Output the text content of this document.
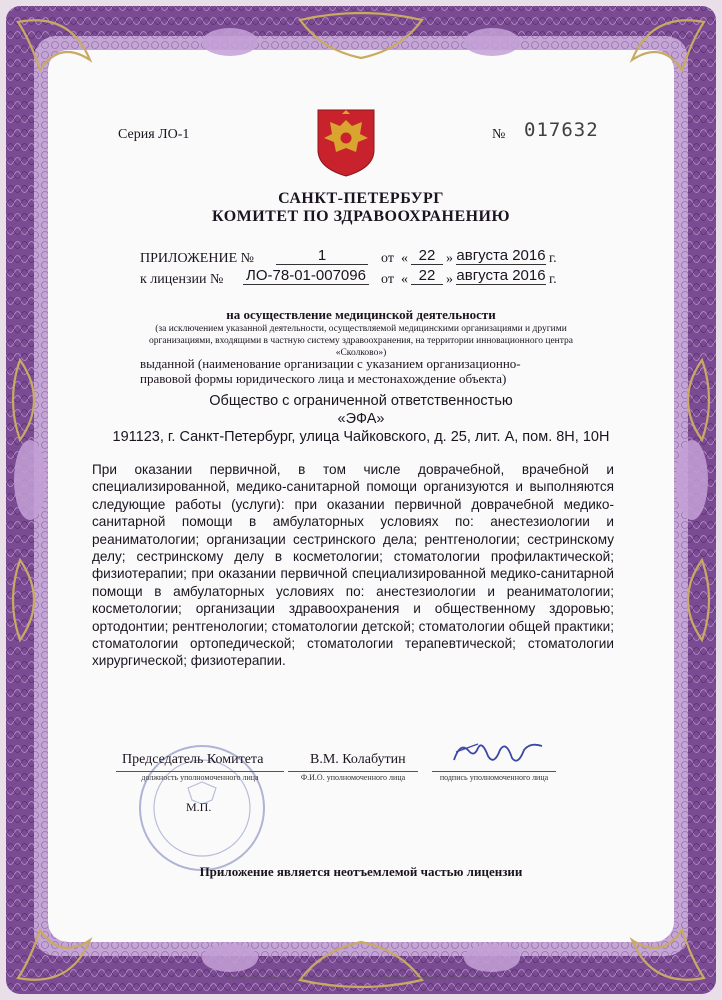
Серия ЛО-1	№ 017632
САНКТ-ПЕТЕРБУРГ
КОМИТЕТ ПО ЗДРАВООХРАНЕНИЮ
ПРИЛОЖЕНИЕ №	1	от « 22 » августа 2016 г.
к лицензии № ЛО-78-01-007096 от « 22 » августа 2016 г.
на осуществление медицинской деятельности
(за исключением указанной деятельности, осуществляемой медицинскими организациями и другими
организациями, входящими в частную систему здравоохранения, на территории инновационного центра
«Сколково»)
выданной (наименование организации с указанием организационно-
правовой формы юридического лица и местонахождение объекта)
Общество с ограниченной ответственностью
«ЭФА»
191123, г. Санкт-Петербург, улица Чайковского, д. 25, лит. А, пом. 8Н, 10Н
При оказании первичной, в том числе доврачебной, врачебной и специализированной, медико-санитарной помощи организуются и выполняются следующие работы (услуги): при оказании первичной доврачебной медико-санитарной помощи в амбулаторных условиях по: анестезиологии и реаниматологии; организации сестринского дела; рентгенологии; сестринскому делу; сестринскому делу в косметологии; стоматологии профилактической; физиотерапии; при оказании первичной специализированной медико-санитарной помощи в амбулаторных условиях по: анестезиологии и реаниматологии; косметологии; организации здравоохранения и общественному здоровью; ортодонтии; рентгенологии; стоматологии детской; стоматологии общей практики; стоматологии ортопедической; стоматологии терапевтической; стоматологии хирургической; физиотерапии.
Председатель Комитета
должность уполномоченного лица
В.М. Колабутин
Ф.И.О. уполномоченного лица	подпись уполномоченного лица
М.П.
Приложение является неотъемлемой частью лицензии
"ГОЗНАК" "Типография №14 им. Н. И. Ленинградская", Лицензия 01-02-08/18, ИНН 7808047741, Зак. 116500, Тир. 2000, 2015 г. Уровень "Б"
